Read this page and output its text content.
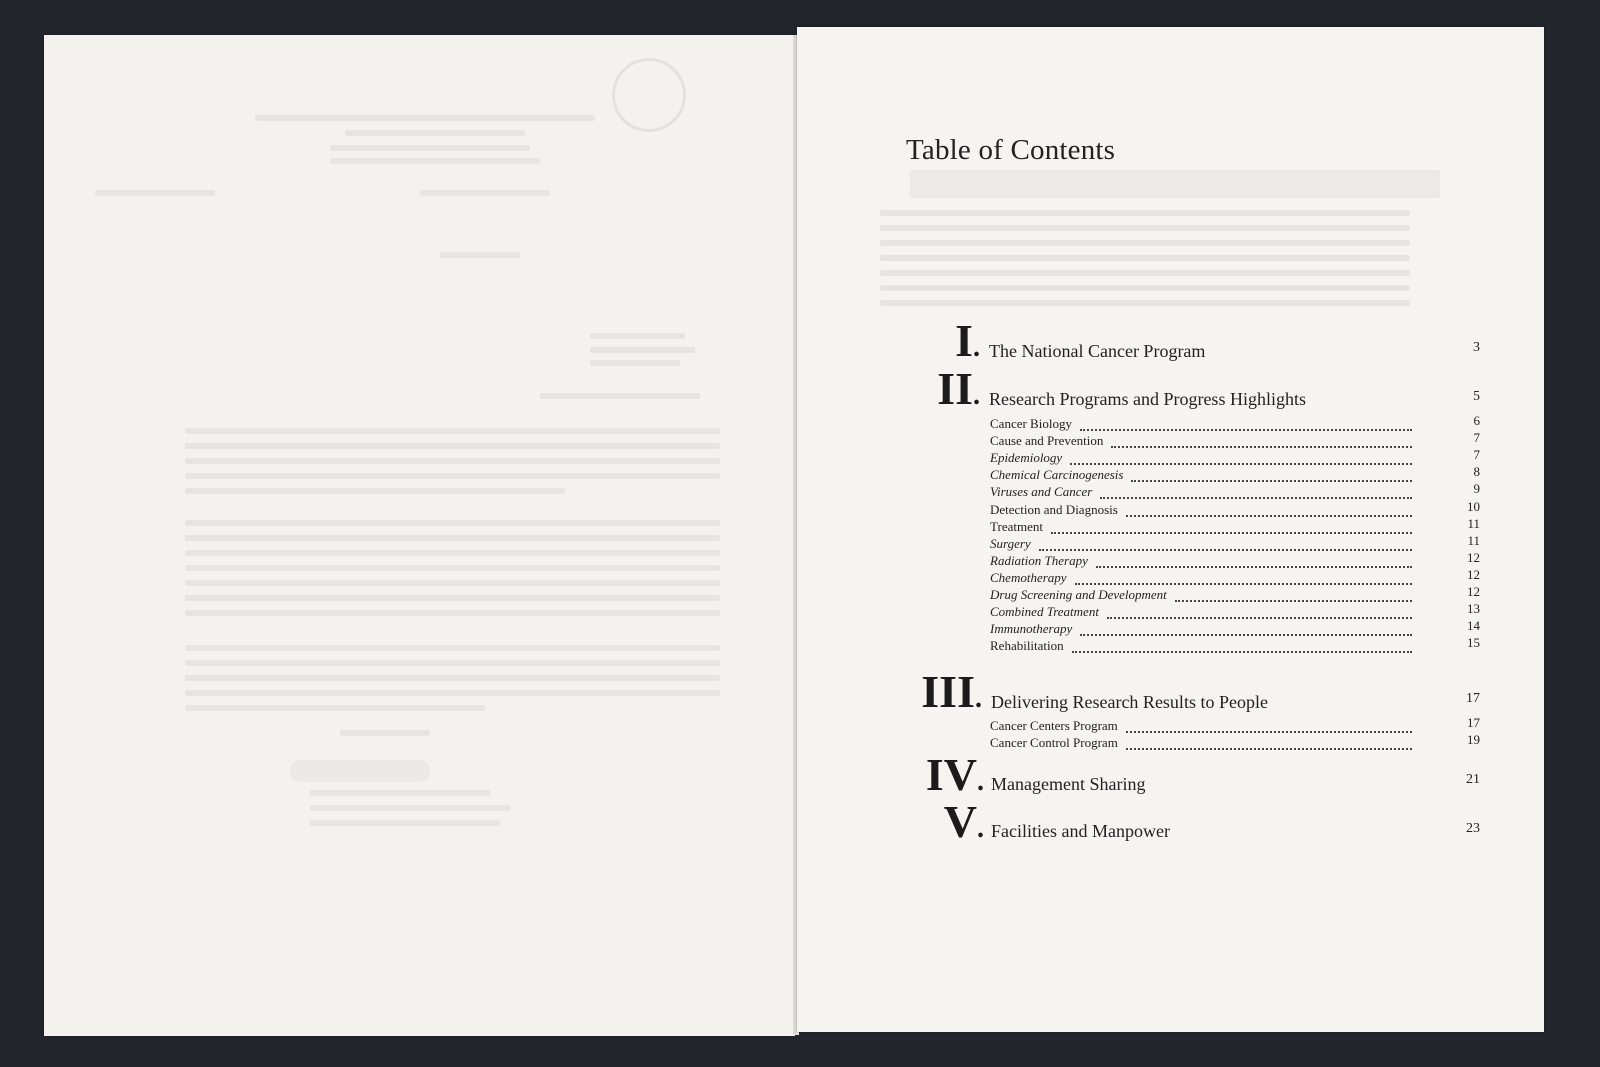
Table of Contents
I. The National Cancer Program	3
II. Research Programs and Progress Highlights	5
Cancer Biology	6
Cause and Prevention	7
Epidemiology	7
Chemical Carcinogenesis	8
Viruses and Cancer	9
Detection and Diagnosis	10
Treatment	11
Surgery	11
Radiation Therapy	12
Chemotherapy	12
Drug Screening and Development	12
Combined Treatment	13
Immunotherapy	14
Rehabilitation	15
III. Delivering Research Results to People	17
Cancer Centers Program	17
Cancer Control Program	19
IV. Management Sharing	21
V. Facilities and Manpower	23
